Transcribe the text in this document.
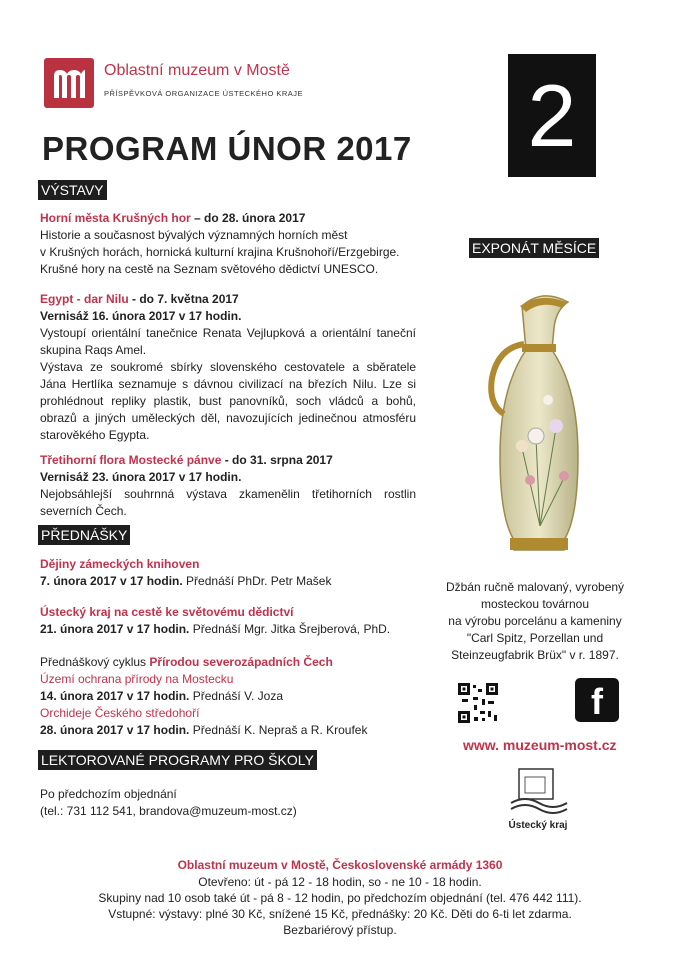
Oblastní muzeum v Mostě
PŘÍSPĚVKOVÁ ORGANIZACE ÚSTECKÉHO KRAJE
PROGRAM ÚNOR 2017 2
VÝSTAVY
Horní města Krušných hor – do 28. února 2017
Historie a současnost bývalých významných horních měst
v Krušných horách, hornická kulturní krajina Krušnohoří/Erzgebirge.
Krušné hory na cestě na Seznam světového dědictví UNESCO.
Egypt - dar Nilu - do 7. května 2017
Vernisáž 16. února 2017 v 17 hodin.
Vystoupí orientální tanečnice Renata Vejlupková a orientální taneční skupina Raqs Amel.
Výstava ze soukromé sbírky slovenského cestovatele a sběratele Jána Hertlíka seznamuje s dávnou civilizací na březích Nilu. Lze si prohlédnout repliky plastik, bust panovníků, soch vládců a bohů, obrazů a jiných uměleckých děl, navozujících jedinečnou atmosféru starověkého Egypta.
Třetihorní flora Mostecké pánve - do 31. srpna 2017
Vernisáž 23. února 2017 v 17 hodin.
Nejobsáhlejší souhrnná výstava zkamenělin třetihorních rostlin severních Čech.
PŘEDNÁŠKY
Dějiny zámeckých knihoven
7. února 2017 v 17 hodin. Přednáší PhDr. Petr Mašek
Ústecký kraj na cestě ke světovému dědictví
21. února 2017 v 17 hodin. Přednáší Mgr. Jitka Šrejberová, PhD.
Přednáškový cyklus Přírodou severozápadních Čech
Území ochrana přírody na Mostecku
14. února 2017 v 17 hodin. Přednáší V. Joza
Orchideje Českého středohoří
28. února 2017 v 17 hodin. Přednáší K. Nepraš a R. Kroufek
LEKTOROVANÉ PROGRAMY PRO ŠKOLY
Po předchozím objednání
(tel.: 731 112 541, brandova@muzeum-most.cz)
EXPONÁT MĚSÍCE
Džbán ručně malovaný, vyrobený
mosteckou továrnou
na výrobu porcelánu a kameniny
"Carl Spitz, Porzellan und
Steinzeugfabrik Brüx" v r. 1897.
f
www. muzeum-most.cz
Ústecký kraj
Oblastní muzeum v Mostě, Československé armády 1360
Otevřeno: út - pá 12 - 18 hodin, so - ne 10 - 18 hodin.
Skupiny nad 10 osob také út - pá 8 - 12 hodin, po předchozím objednání (tel. 476 442 111).
Vstupné: výstavy: plné 30 Kč, snížené 15 Kč, přednášky: 20 Kč. Děti do 6-ti let zdarma.
Bezbariérový přístup.
